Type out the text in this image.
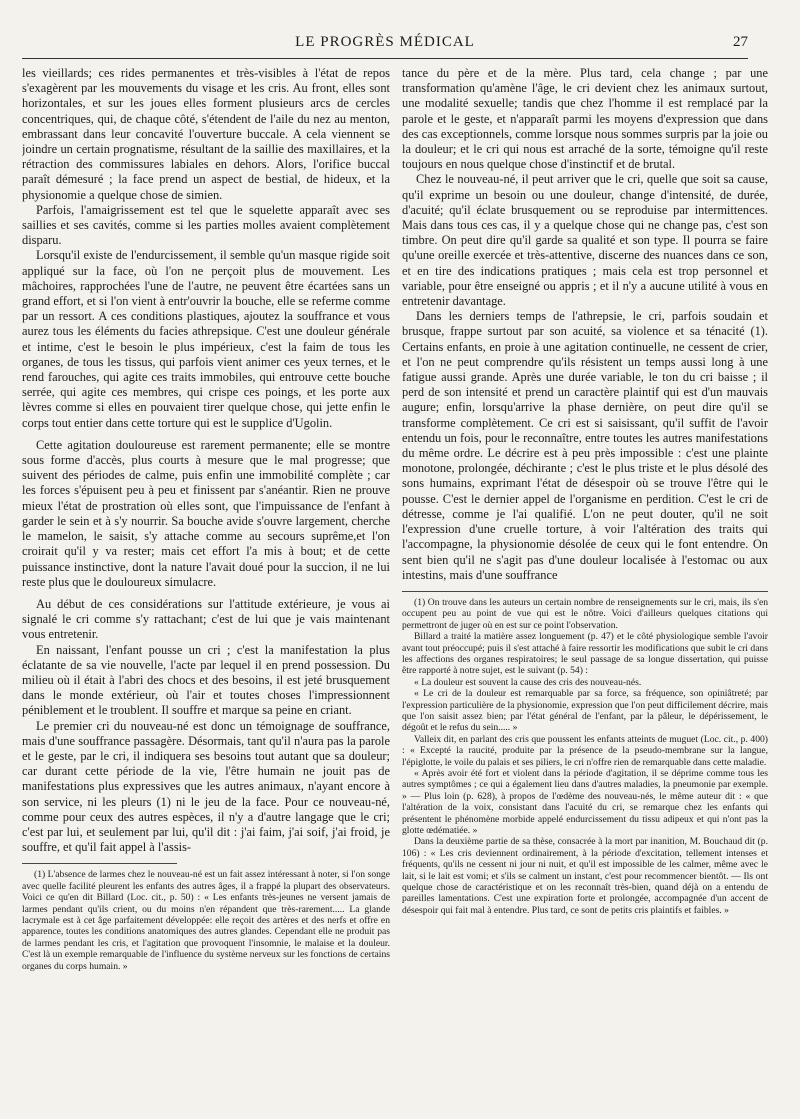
LE PROGRÈS MÉDICAL	27

les vieillards; ces rides permanentes et très-visibles à l'état de repos s'exagèrent par les mouvements du visage et les cris. Au front, elles sont horizontales, et sur les joues elles forment plusieurs arcs de cercles concentriques, qui, de chaque côté, s'étendent de l'aile du nez au menton, embrassant dans leur concavité l'ouverture buccale. A cela viennent se joindre un certain prognatisme, résultant de la saillie des maxillaires, et la rétraction des commissures labiales en dehors. Alors, l'orifice buccal paraît démesuré ; la face prend un aspect de bestial, de hideux, et la physionomie a quelque chose de simien.

Parfois, l'amaigrissement est tel que le squelette apparaît avec ses saillies et ses cavités, comme si les parties molles avaient complètement disparu.

Lorsqu'il existe de l'endurcissement, il semble qu'un masque rigide soit appliqué sur la face, où l'on ne perçoit plus de mouvement. Les mâchoires, rapprochées l'une de l'autre, ne peuvent être écartées sans un grand effort, et si l'on vient à entr'ouvrir la bouche, elle se referme comme par un ressort. A ces conditions plastiques, ajoutez la souffrance et vous aurez tous les éléments du facies athrepsique. C'est une douleur générale et intime, c'est le besoin le plus impérieux, c'est la faim de tous les organes, de tous les tissus, qui parfois vient animer ces yeux ternes, et le rend farouches, qui agite ces traits immobiles, qui entrouve cette bouche serrée, qui agite ces membres, qui crispe ces poings, et les porte aux lèvres comme si elles en pouvaient tirer quelque chose, qui jette enfin le corps tout entier dans cette torture qui est le supplice d'Ugolin.

Cette agitation douloureuse est rarement permanente; elle se montre sous forme d'accès, plus courts à mesure que le mal progresse; que suivent des périodes de calme, puis enfin une immobilité complète ; car les forces s'épuisent peu à peu et finissent par s'anéantir. Rien ne prouve mieux l'état de prostration où elles sont, que l'impuissance de l'enfant à garder le sein et à s'y nourrir. Sa bouche avide s'ouvre largement, cherche le mamelon, le saisit, s'y attache comme au secours suprême,et l'on croirait qu'il y va rester; mais cet effort l'a mis à bout; et de cette puissance instinctive, dont la nature l'avait doué pour la succion, il ne lui reste plus que le douloureux simulacre.

Au début de ces considérations sur l'attitude extérieure, je vous ai signalé le cri comme s'y rattachant; c'est de lui que je vais maintenant vous entretenir.

En naissant, l'enfant pousse un cri ; c'est la manifestation la plus éclatante de sa vie nouvelle, l'acte par lequel il en prend possession. Du milieu où il était à l'abri des chocs et des besoins, il est jeté brusquement dans le monde extérieur, où l'air et toutes choses l'impressionnent péniblement et le troublent. Il souffre et marque sa peine en criant.

Le premier cri du nouveau-né est donc un témoignage de souffrance, mais d'une souffrance passagère. Désormais, tant qu'il n'aura pas la parole et le geste, par le cri, il indiquera ses besoins tout autant que sa douleur; car durant cette période de la vie, l'être humain ne jouit pas de manifestations plus expressives que les autres animaux, n'ayant encore à son service, ni les pleurs (1) ni le jeu de la face. Pour ce nouveau-né, comme pour ceux des autres espèces, il n'y a d'autre langage que le cri; c'est par lui, et seulement par lui, qu'il dit : j'ai faim, j'ai soif, j'ai froid, je souffre, et qu'il fait appel à l'assis-

(1) L'absence de larmes chez le nouveau-né est un fait assez intéressant à noter, si l'on songe avec quelle facilité pleurent les enfants des autres âges, il a frappé la plupart des observateurs. Voici ce qu'en dit Billard (Loc. cit., p. 50) : « Les enfants très-jeunes ne versent jamais de larmes pendant qu'ils crient, ou du moins n'en répandent que très-rarement..... La glande lacrymale est à cet âge parfaitement développée: elle reçoit des artères et des nerfs et offre en apparence, toutes les conditions anatomiques des autres glandes. Cependant elle ne produit pas de larmes pendant les cris, et l'agitation que provoquent l'insomnie, le malaise et la douleur. C'est là un exemple remarquable de l'influence du système nerveux sur les fonctions de certains organes du corps humain. »

tance du père et de la mère. Plus tard, cela change ; par une transformation qu'amène l'âge, le cri devient chez les animaux surtout, une modalité sexuelle; tandis que chez l'homme il est remplacé par la parole et le geste, et n'apparaît parmi les moyens d'expression que dans des cas exceptionnels, comme lorsque nous sommes surpris par la joie ou la douleur; et le cri qui nous est arraché de la sorte, témoigne qu'il reste toujours en nous quelque chose d'instinctif et de brutal.

Chez le nouveau-né, il peut arriver que le cri, quelle que soit sa cause, qu'il exprime un besoin ou une douleur, change d'intensité, de durée, d'acuité; qu'il éclate brusquement ou se reproduise par intermittences. Mais dans tous ces cas, il y a quelque chose qui ne change pas, c'est son timbre. On peut dire qu'il garde sa qualité et son type. Il pourra se faire qu'une oreille exercée et très-attentive, discerne des nuances dans ce son, et en tire des indications pratiques ; mais cela est trop personnel et variable, pour être enseigné ou appris ; et il n'y a aucune utilité à vous en entretenir davantage.

Dans les derniers temps de l'athrepsie, le cri, parfois soudain et brusque, frappe surtout par son acuité, sa violence et sa ténacité (1). Certains enfants, en proie à une agitation continuelle, ne cessent de crier, et l'on ne peut comprendre qu'ils résistent un temps aussi long à une fatigue aussi grande. Après une durée variable, le ton du cri baisse ; il perd de son intensité et prend un caractère plaintif qui est d'un mauvais augure; enfin, lorsqu'arrive la phase dernière, on peut dire qu'il se transforme complètement. Ce cri est si saisissant, qu'il suffit de l'avoir entendu un fois, pour le reconnaître, entre toutes les autres manifestations du même ordre. Le décrire est à peu près impossible : c'est une plainte monotone, prolongée, déchirante ; c'est le plus triste et le plus désolé des sons humains, exprimant l'état de désespoir où se trouve l'être qui le pousse. C'est le dernier appel de l'organisme en perdition. C'est le cri de détresse, comme je l'ai qualifié. L'on ne peut douter, qu'il ne soit l'expression d'une cruelle torture, à voir l'altération des traits qui l'accompagne, la physionomie désolée de ceux qui le font entendre. On sent bien qu'il ne s'agit pas d'une douleur localisée à l'estomac ou aux intestins, mais d'une souffrance

(1) On trouve dans les auteurs un certain nombre de renseignements sur le cri, mais, ils s'en occupent peu au point de vue qui est le nôtre. Voici d'ailleurs quelques citations qui permettront de juger où en est sur ce point l'observation.

Billard a traité la matière assez longuement (p. 47) et le côté physiologique semble l'avoir avant tout préoccupé; puis il s'est attaché à faire ressortir les modifications que subit le cri dans les affections des organes respiratoires; le seul passage de sa longue dissertation, qui puisse être rapporté à notre sujet, est le suivant (p. 54) :

« La douleur est souvent la cause des cris des nouveau-nés.

« Le cri de la douleur est remarquable par sa force, sa fréquence, son opiniâtreté; par l'expression particulière de la physionomie, expression que l'on peut difficilement décrire, mais que l'on saisit assez bien; par l'état général de l'enfant, par la pâleur, le dépérissement, le dégoût et le refus du sein..... »

Valleix dit, en parlant des cris que poussent les enfants atteints de muguet (Loc. cit., p. 400) : « Excepté la raucité, produite par la présence de la pseudo-membrane sur la langue, l'épiglotte, le voile du palais et ses piliers, le cri n'offre rien de remarquable dans cette maladie.

« Après avoir été fort et violent dans la période d'agitation, il se déprime comme tous les autres symptômes ; ce qui a également lieu dans d'autres maladies, la pneumonie par exemple. » — Plus loin (p. 628), à propos de l'œdème des nouveau-nés, le même auteur dit : « que l'altération de la voix, consistant dans l'acuité du cri, se remarque chez les enfants qui présentent le phénomène morbide appelé endurcissement du tissu adipeux et qui n'ont pas la glotte œdématiée. »

Dans la deuxième partie de sa thèse, consacrée à la mort par inanition, M. Bouchaud dit (p. 106) : « Les cris deviennent ordinairement, à la période d'excitation, tellement intenses et fréquents, qu'ils ne cessent ni jour ni nuit, et qu'il est impossible de les calmer, même avec le lait, si le lait est vomi; et s'ils se calment un instant, c'est pour recommencer bientôt. — Ils ont quelque chose de caractéristique et on les reconnaît très-bien, quand déjà on a entendu de pareilles lamentations. C'est une expiration forte et prolongée, accompagnée d'un accent de désespoir qui fait mal à entendre. Plus tard, ce sont de petits cris plaintifs et faibles. »
